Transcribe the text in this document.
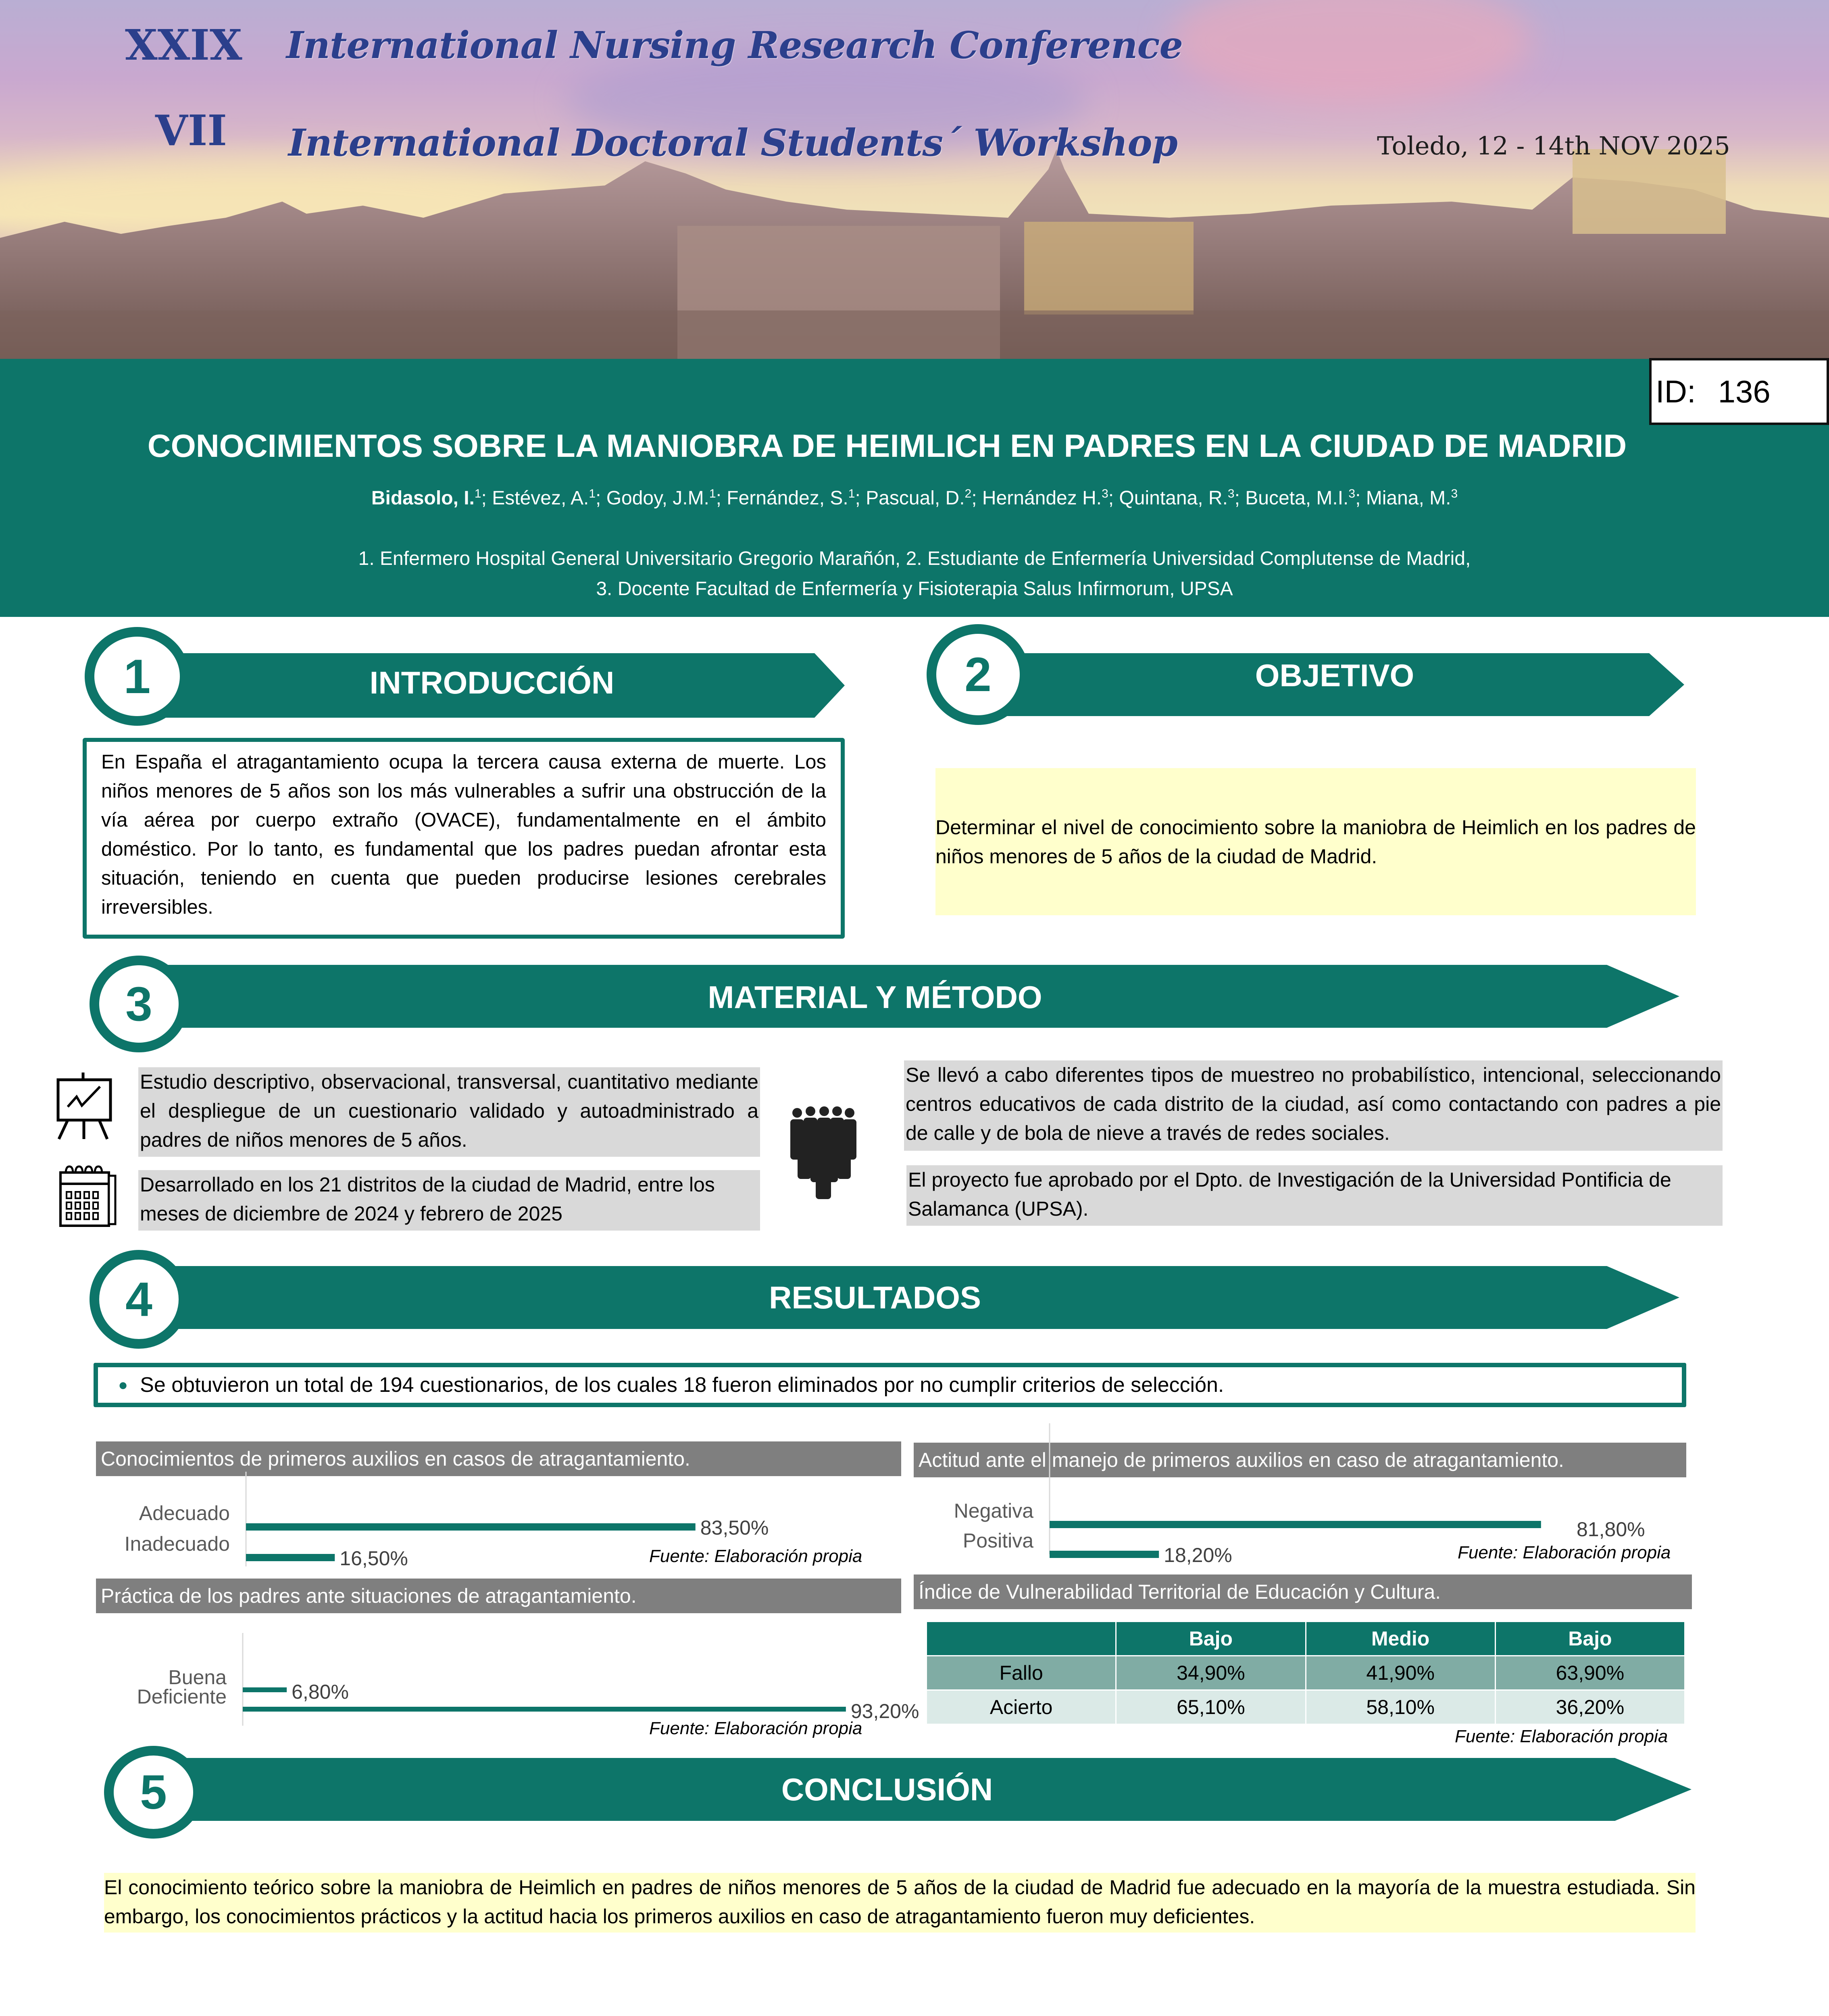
XXIX International Nursing Research Conference
VII International Doctoral Students´ Workshop	Toledo, 12 - 14th NOV 2025
ID: 136
CONOCIMIENTOS SOBRE LA MANIOBRA DE HEIMLICH EN PADRES EN LA CIUDAD DE MADRID
Bidasolo, I.$^1$; Estévez, A.$^1$; Godoy, J.M.$^1$; Fernández, S.$^1$; Pascual, D.$^2$; Hernández H.$^3$; Quintana, R.$^3$; Buceta, M.I.$^3$; Miana, M.$^3$
1. Enfermero Hospital General Universitario Gregorio Marañón, 2. Estudiante de Enfermería Universidad Complutense de Madrid,
3. Docente Facultad de Enfermería y Fisioterapia Salus Infirmorum, UPSA
1	INTRODUCCIÓN
En España el atragantamiento ocupa la tercera causa externa de muerte. Los niños menores de 5 años son los más vulnerables a sufrir una obstrucción de la vía aérea por cuerpo extraño (OVACE), fundamentalmente en el ámbito doméstico. Por lo tanto, es fundamental que los padres puedan afrontar esta situación, teniendo en cuenta que pueden producirse lesiones cerebrales irreversibles.
2	OBJETIVO
Determinar el nivel de conocimiento sobre la maniobra de Heimlich en los padres de niños menores de 5 años de la ciudad de Madrid.
3	MATERIAL Y MÉTODO
Estudio descriptivo, observacional, transversal, cuantitativo mediante el despliegue de un cuestionario validado y autoadministrado a padres de niños menores de 5 años.
Desarrollado en los 21 distritos de la ciudad de Madrid, entre los meses de diciembre de 2024 y febrero de 2025
Se llevó a cabo diferentes tipos de muestreo no probabilístico, intencional, seleccionando centros educativos de cada distrito de la ciudad, así como contactando con padres a pie de calle y de bola de nieve a través de redes sociales.
El proyecto fue aprobado por el Dpto. de Investigación de la Universidad Pontificia de Salamanca (UPSA).
4	RESULTADOS
● Se obtuvieron un total de 194 cuestionarios, de los cuales 18 fueron eliminados por no cumplir criterios de selección.
Conocimientos de primeros auxilios en casos de atragantamiento.
Adecuado
83,50%
Inadecuado
16,50%	Fuente: Elaboración propia
Actitud ante el manejo de primeros auxilios en caso de atragantamiento.
Negativa
81,80%
Positiva
18,20%	Fuente: Elaboración propia
Práctica de los padres ante situaciones de atragantamiento.
Buena
6,80%
Deficiente
93,20%
Fuente: Elaboración propia
Índice de Vulnerabilidad Territorial de Educación y Cultura.
	Bajo	Medio	Bajo
Fallo	34,90%	41,90%	63,90%
Acierto	65,10%	58,10%	36,20%
Fuente: Elaboración propia
5	CONCLUSIÓN
El conocimiento teórico sobre la maniobra de Heimlich en padres de niños menores de 5 años de la ciudad de Madrid fue adecuado en la mayoría de la muestra estudiada. Sin embargo, los conocimientos prácticos y la actitud hacia los primeros auxilios en caso de atragantamiento fueron muy deficientes.
